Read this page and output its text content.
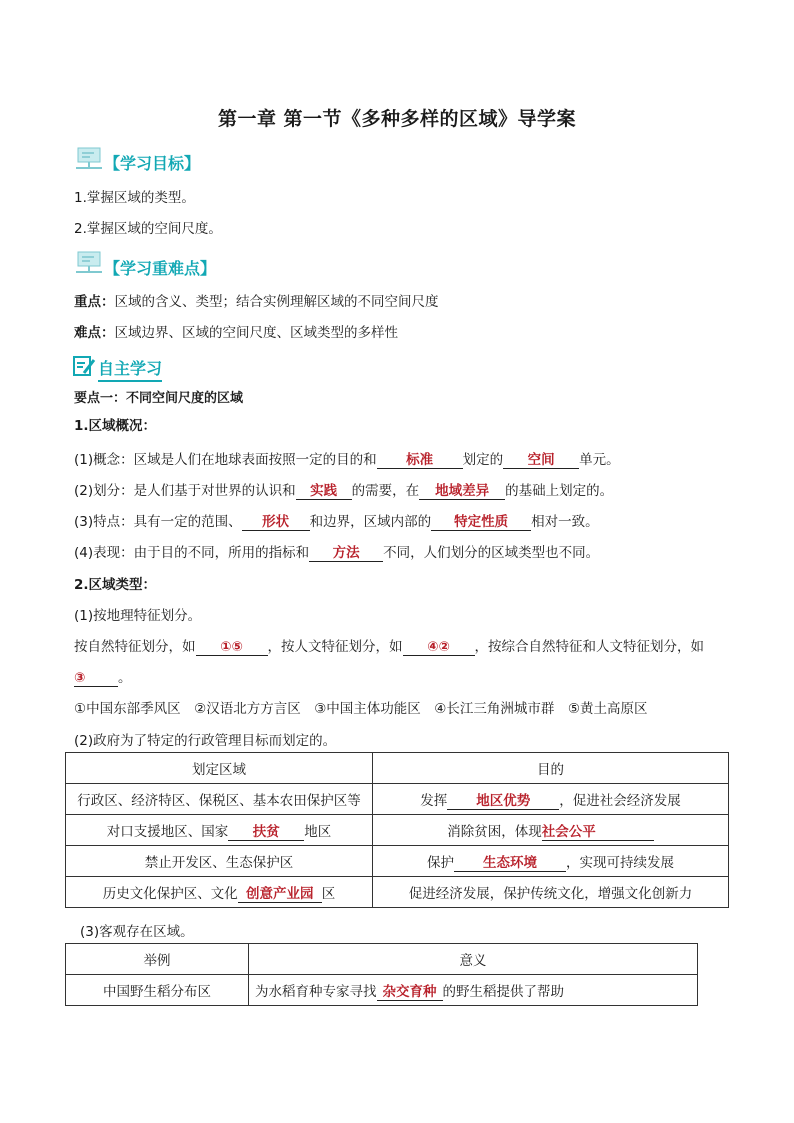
第一章 第一节《多种多样的区域》导学案
【学习目标】
1.掌握区域的类型。
2.掌握区域的空间尺度。
【学习重难点】
重点：区域的含义、类型；结合实例理解区域的不同空间尺度
难点：区域边界、区域的空间尺度、区域类型的多样性
自主学习
要点一：不同空间尺度的区域
1.区域概况：
(1)概念：区域是人们在地球表面按照一定的目的和 标准 划定的 空间 单元。
(2)划分：是人们基于对世界的认识和 实践 的需要，在 地域差异 的基础上划定的。
(3)特点：具有一定的范围、 形状 和边界，区域内部的 特定性质 相对一致。
(4)表现：由于目的不同，所用的指标和 方法 不同，人们划分的区域类型也不同。
2.区域类型：
(1)按地理特征划分。
按自然特征划分，如 ①⑤ ，按人文特征划分，如 ④② ，按综合自然特征和人文特征划分，如
③ 。
①中国东部季风区　②汉语北方方言区　③中国主体功能区　④长江三角洲城市群　⑤黄土高原区
(2)政府为了特定的行政管理目标而划定的。
划定区域	目的
行政区、经济特区、保税区、基本农田保护区等	发挥 地区优势 ，促进社会经济发展
对口支援地区、国家 扶贫 地区	消除贫困，体现社会公平
禁止开发区、生态保护区	保护 生态环境 ，实现可持续发展
历史文化保护区、文化 创意产业园 区	促进经济发展，保护传统文化，增强文化创新力
(3)客观存在区域。
举例	意义
中国野生稻分布区	为水稻育种专家寻找 杂交育种 的野生稻提供了帮助
